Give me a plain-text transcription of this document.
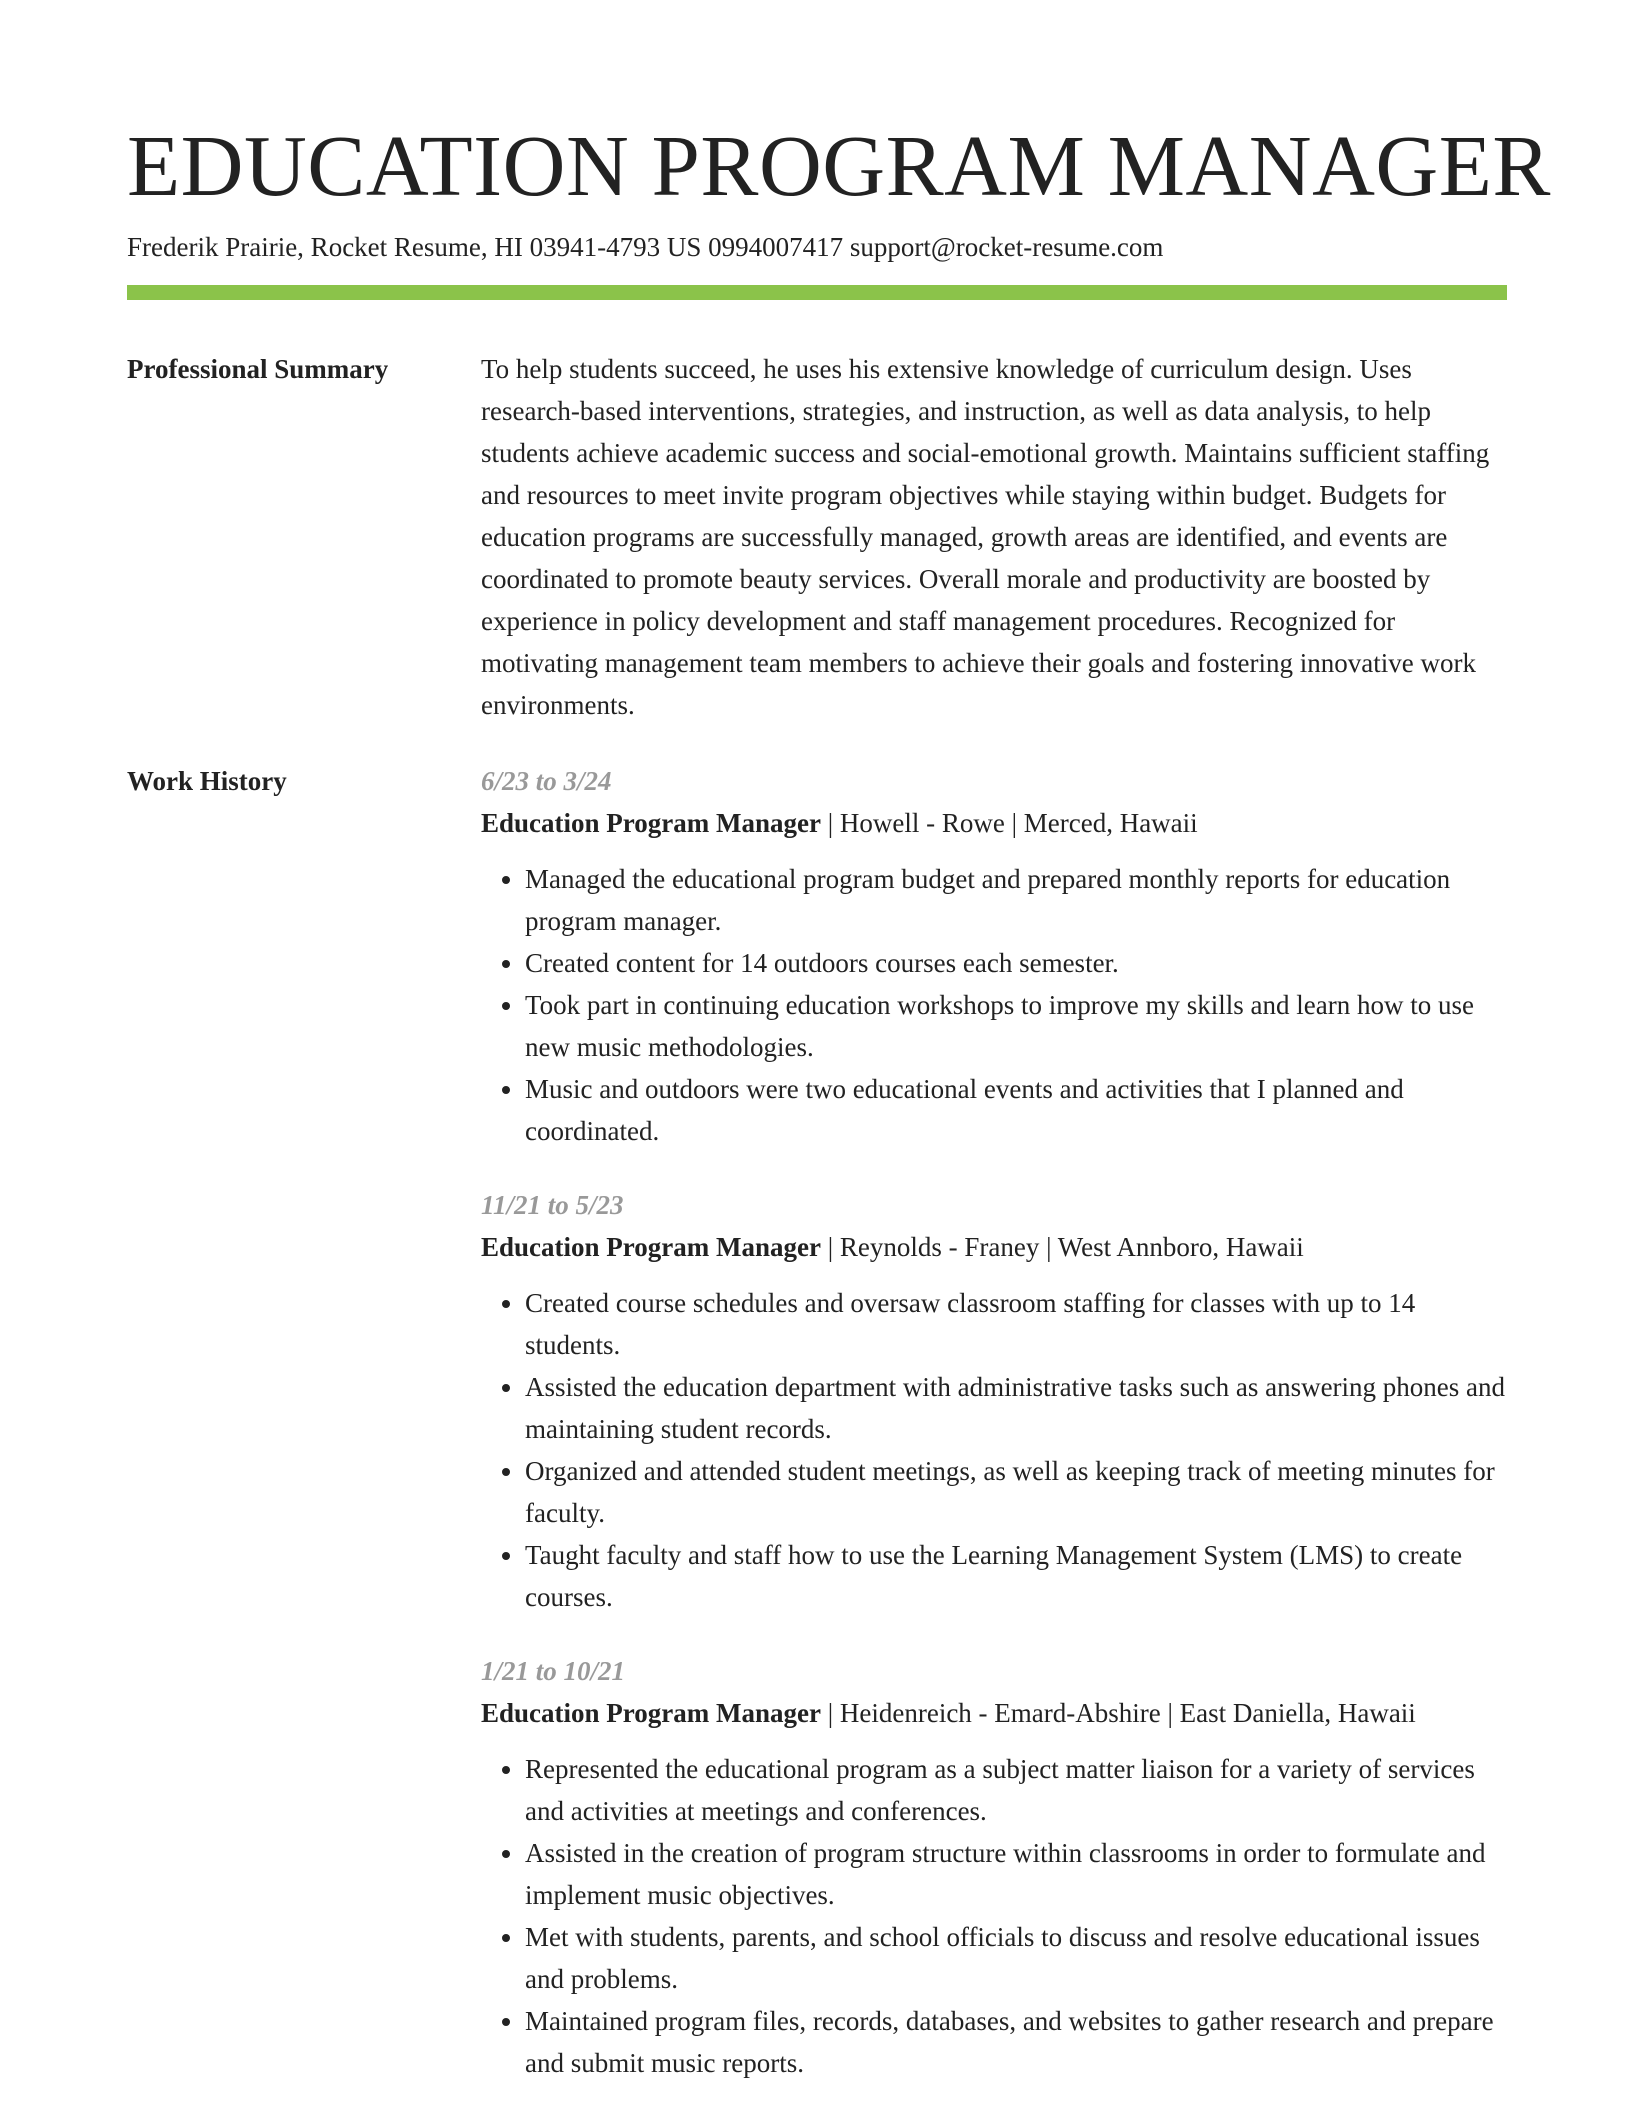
EDUCATION PROGRAM MANAGER
Frederik Prairie, Rocket Resume, HI 03941-4793 US 0994007417 support@rocket-resume.com
Professional Summary	To help students succeed, he uses his extensive knowledge of curriculum design. Uses research-based interventions, strategies, and instruction, as well as data analysis, to help students achieve academic success and social-emotional growth. Maintains sufficient staffing and resources to meet invite program objectives while staying within budget. Budgets for education programs are successfully managed, growth areas are identified, and events are coordinated to promote beauty services. Overall morale and productivity are boosted by experience in policy development and staff management procedures. Recognized for motivating management team members to achieve their goals and fostering innovative work environments.

Work History	6/23 to 3/24

Education Program Manager | Howell - Rowe | Merced, Hawaii

• Managed the educational program budget and prepared monthly reports for education program manager.
• Created content for 14 outdoors courses each semester.
• Took part in continuing education workshops to improve my skills and learn how to use new music methodologies.
• Music and outdoors were two educational events and activities that I planned and coordinated.
11/21 to 5/23

Education Program Manager | Reynolds - Franey | West Annboro, Hawaii

• Created course schedules and oversaw classroom staffing for classes with up to 14 students.
• Assisted the education department with administrative tasks such as answering phones and maintaining student records.
• Organized and attended student meetings, as well as keeping track of meeting minutes for faculty.
• Taught faculty and staff how to use the Learning Management System (LMS) to create courses.
1/21 to 10/21

Education Program Manager | Heidenreich - Emard-Abshire | East Daniella, Hawaii

• Represented the educational program as a subject matter liaison for a variety of services and activities at meetings and conferences.
• Assisted in the creation of program structure within classrooms in order to formulate and implement music objectives.
• Met with students, parents, and school officials to discuss and resolve educational issues and problems.
• Maintained program files, records, databases, and websites to gather research and prepare and submit music reports.
